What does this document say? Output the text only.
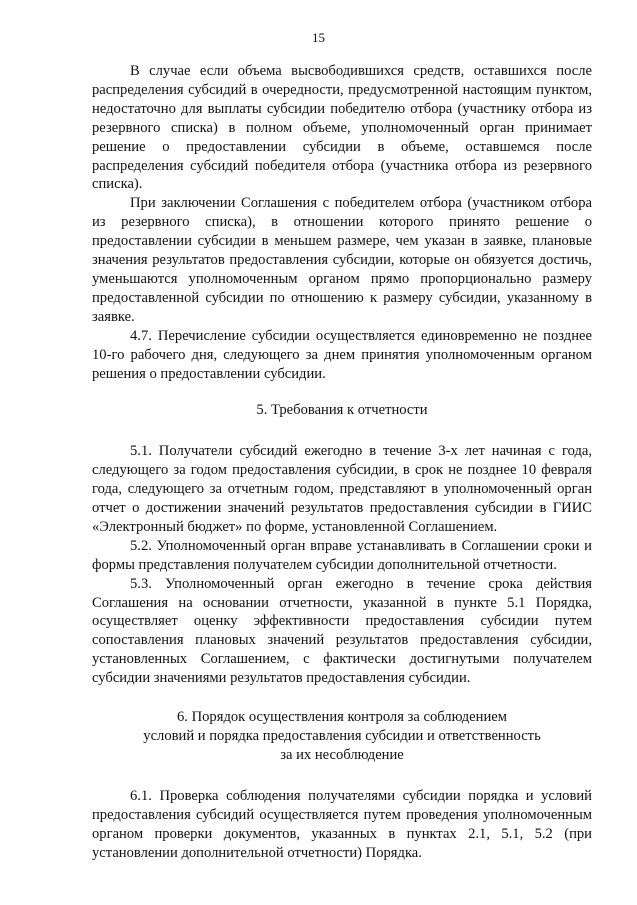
15

В случае если объема высвободившихся средств, оставшихся после распределения субсидий в очередности, предусмотренной настоящим пунктом, недостаточно для выплаты субсидии победителю отбора (участнику отбора из резервного списка) в полном объеме, уполномоченный орган принимает решение о предоставлении субсидии в объеме, оставшемся после распределения субсидий победителя отбора (участника отбора из резервного списка).

При заключении Соглашения с победителем отбора (участником отбора из резервного списка), в отношении которого принято решение о предоставлении субсидии в меньшем размере, чем указан в заявке, плановые значения результатов предоставления субсидии, которые он обязуется достичь, уменьшаются уполномоченным органом прямо пропорционально размеру предоставленной субсидии по отношению к размеру субсидии, указанному в заявке.

4.7. Перечисление субсидии осуществляется единовременно не позднее 10-го рабочего дня, следующего за днем принятия уполномоченным органом решения о предоставлении субсидии.

5. Требования к отчетности

5.1. Получатели субсидий ежегодно в течение 3-х лет начиная с года, следующего за годом предоставления субсидии, в срок не позднее 10 февраля года, следующего за отчетным годом, представляют в уполномоченный орган отчет о достижении значений результатов предоставления субсидии в ГИИС «Электронный бюджет» по форме, установленной Соглашением.

5.2. Уполномоченный орган вправе устанавливать в Соглашении сроки и формы представления получателем субсидии дополнительной отчетности.

5.3. Уполномоченный орган ежегодно в течение срока действия Соглашения на основании отчетности, указанной в пункте 5.1 Порядка, осуществляет оценку эффективности предоставления субсидии путем сопоставления плановых значений результатов предоставления субсидии, установленных Соглашением, с фактически достигнутыми получателем субсидии значениями результатов предоставления субсидии.

6. Порядок осуществления контроля за соблюдением

условий и порядка предоставления субсидии и ответственность

за их несоблюдение

6.1. Проверка соблюдения получателями субсидии порядка и условий предоставления субсидий осуществляется путем проведения уполномоченным органом проверки документов, указанных в пунктах 2.1, 5.1, 5.2 (при установлении дополнительной отчетности) Порядка.
